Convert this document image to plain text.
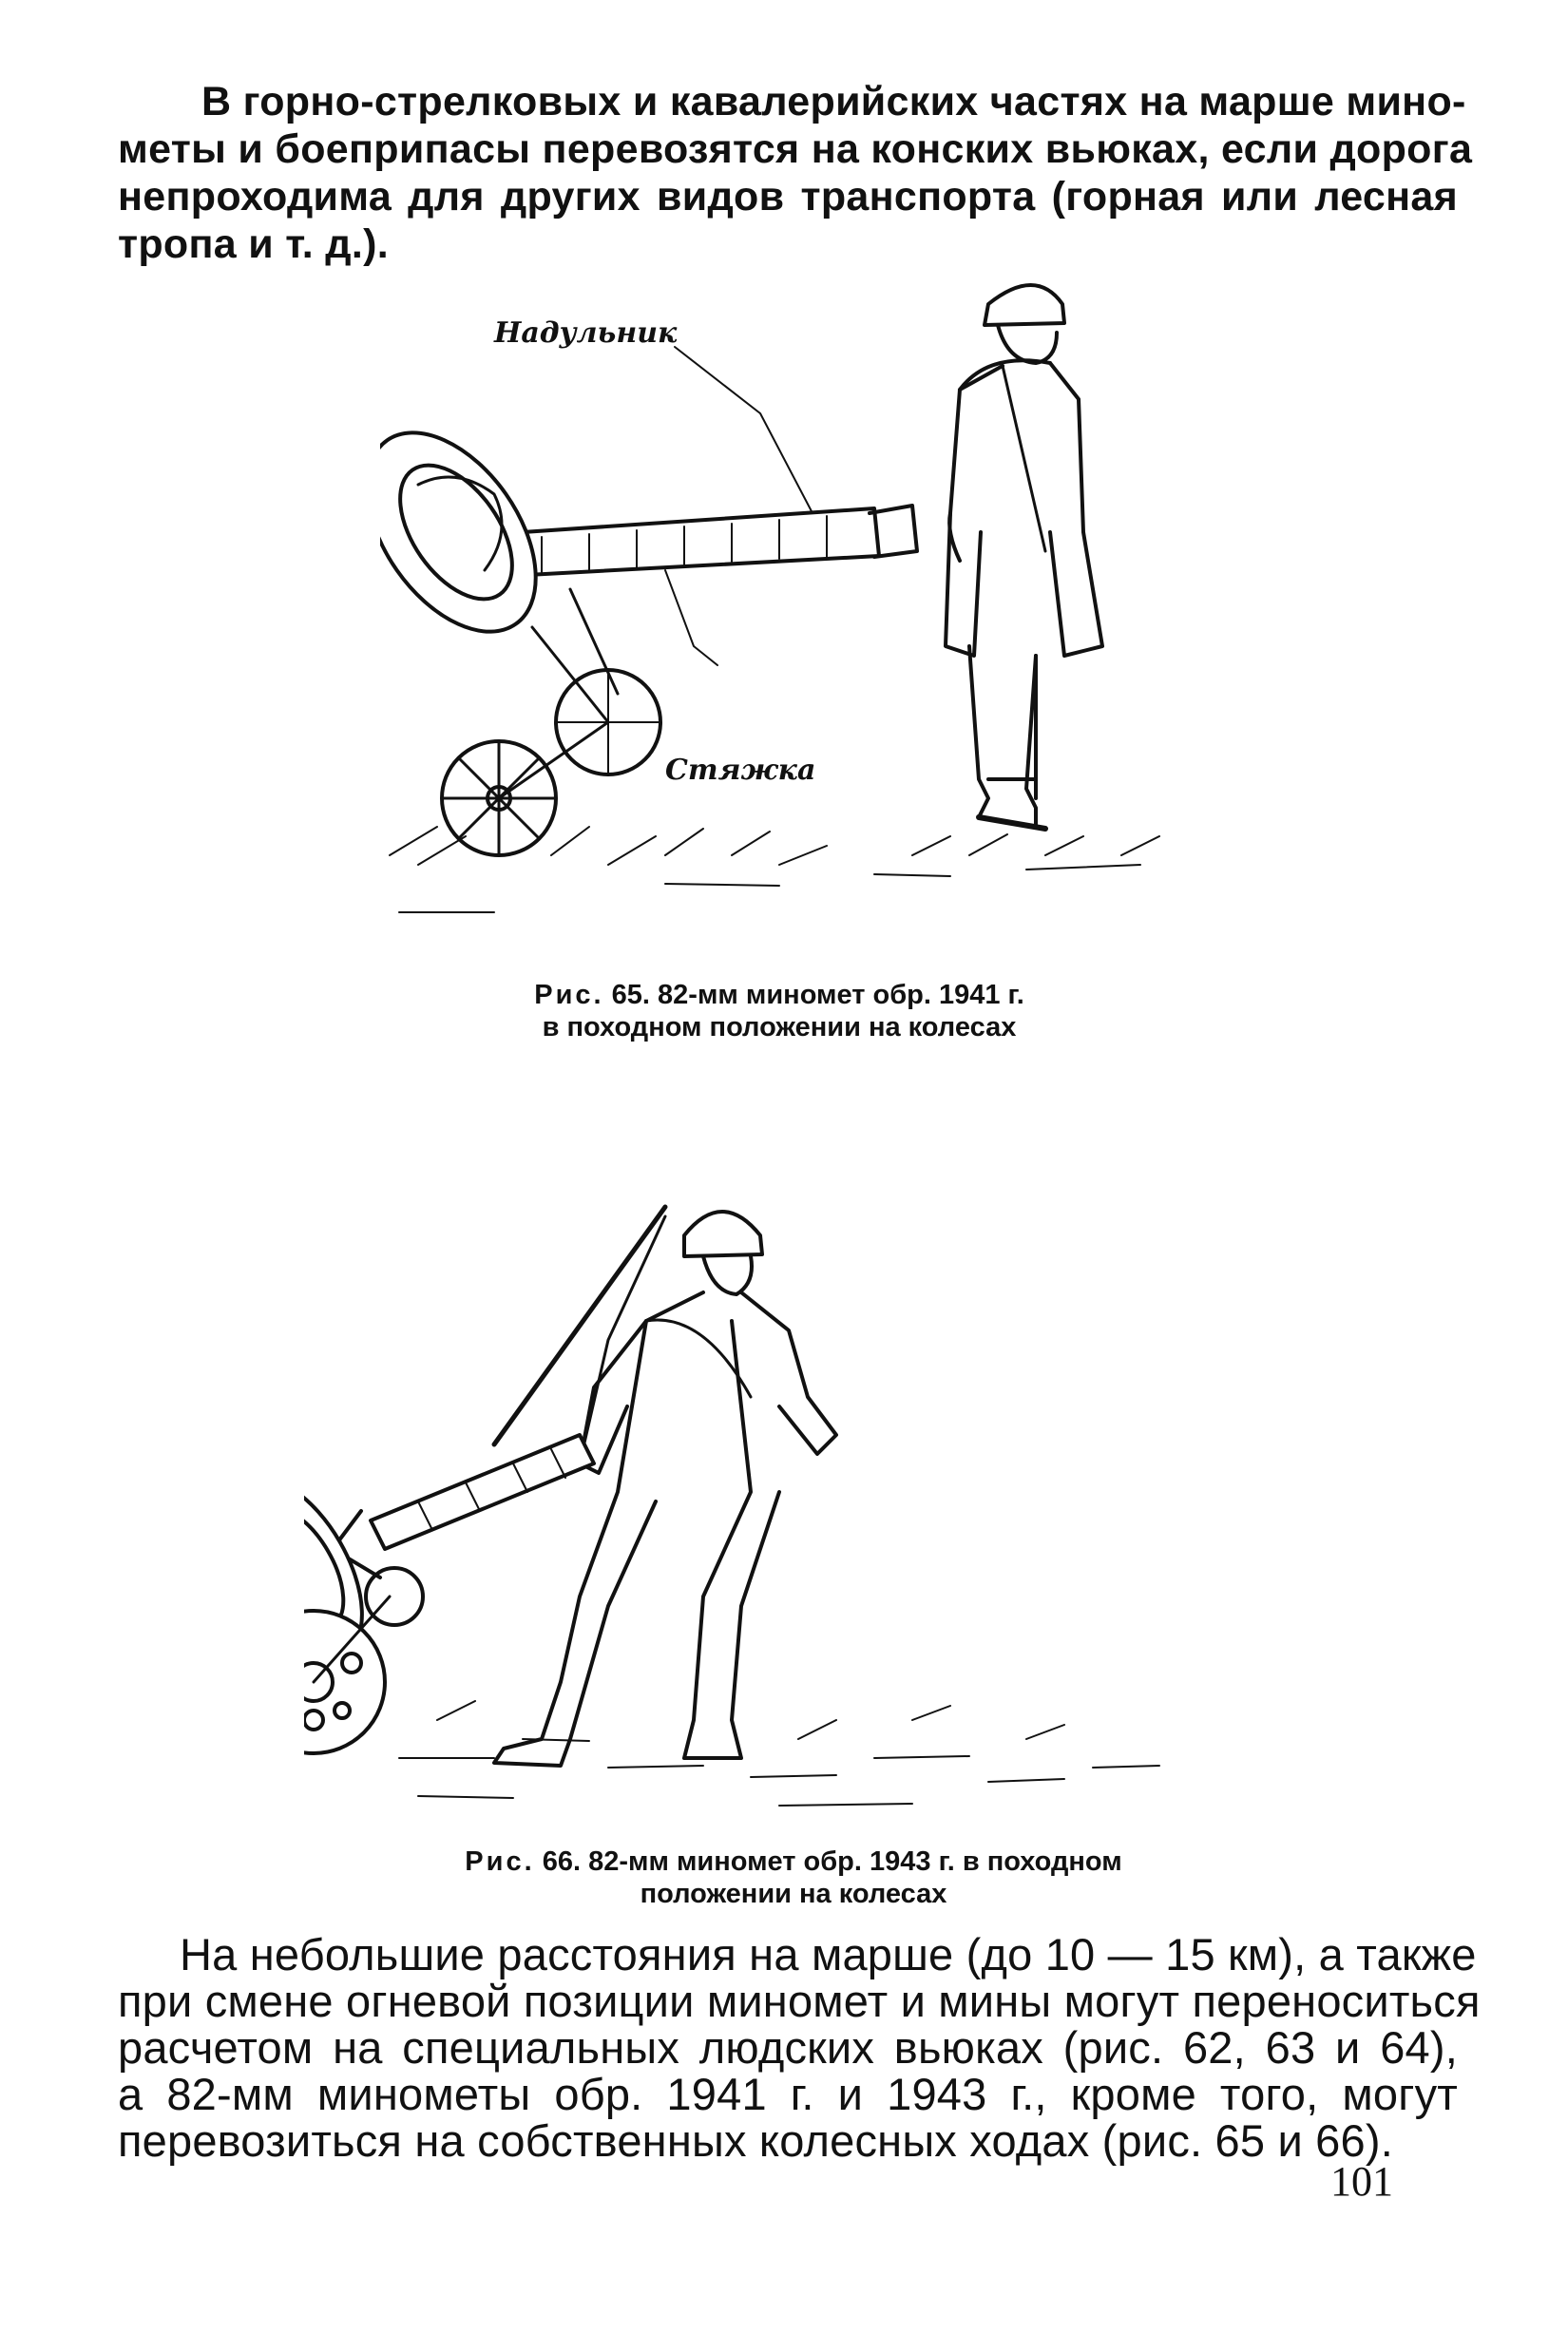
В горно-стрелковых и кавалерийских частях на марше мино-
меты и боеприпасы перевозятся на конских вьюках, если дорога
непроходима для других видов транспорта (горная или лесная
тропа и т. д.).

Надульник
Стяжка
Рис. 65. 82-мм миномет обр. 1941 г.
в походном положении на колесах
Рис. 66. 82-мм миномет обр. 1943 г. в походном
положении на колесах

На небольшие расстояния на марше (до 10 — 15 км), а также
при смене огневой позиции миномет и мины могут переноситься
расчетом на специальных людских вьюках (рис. 62, 63 и 64),
а 82-мм минометы обр. 1941 г. и 1943 г., кроме того, могут
перевозиться на собственных колесных ходах (рис. 65 и 66).

101
